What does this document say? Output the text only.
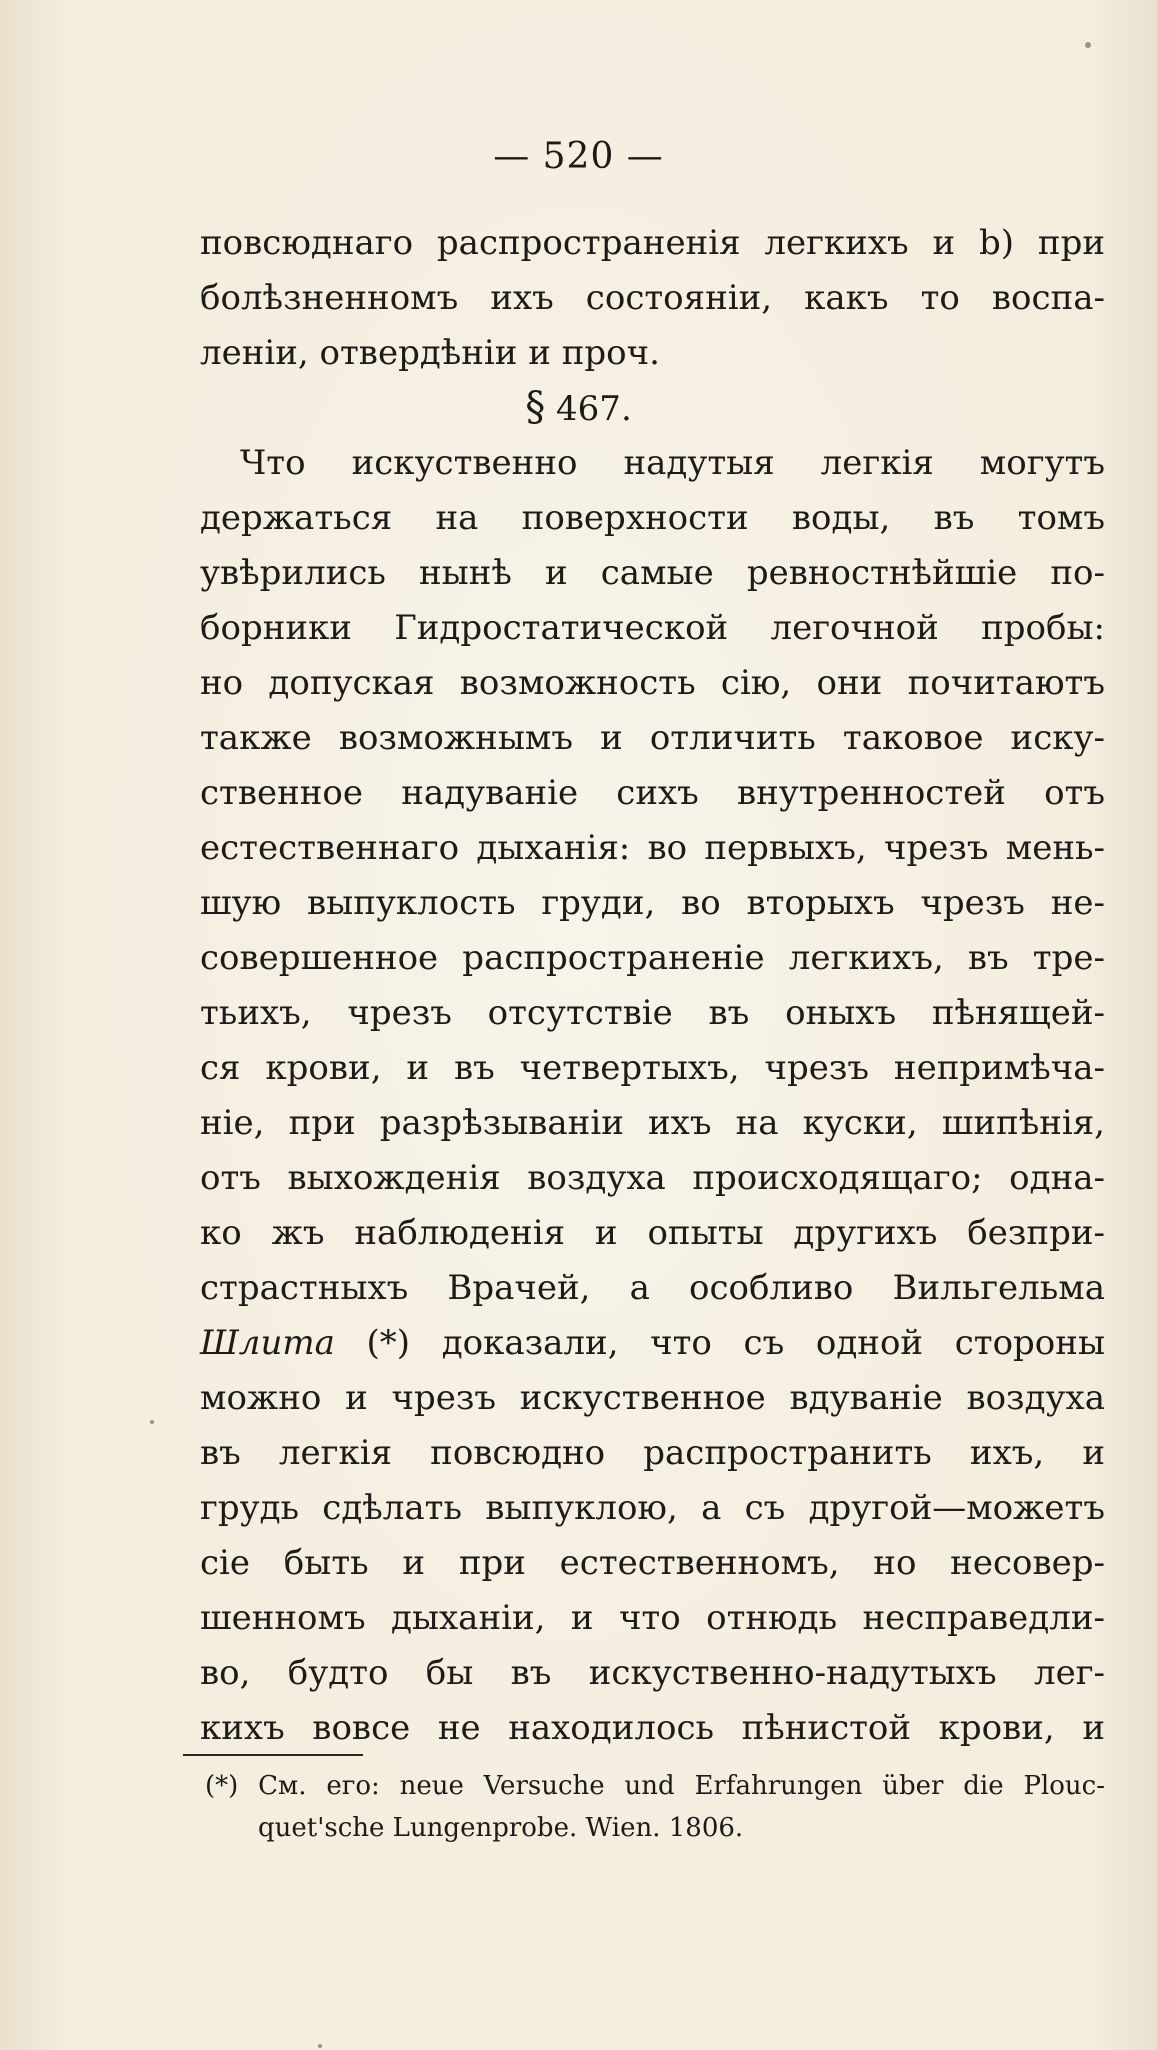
— 520 —
повсюднаго распространенія легкихъ и b) при
болѣзненномъ ихъ состояніи, какъ то воспа-
леніи, отвердѣніи и проч.
§ 467.
Что искуственно надутыя легкія могутъ
держаться на поверхности воды, въ томъ
увѣрились нынѣ и самые ревностнѣйшіе по-
борники Гидростатической легочной пробы:
но допуская возможность сію, они почитаютъ
также возможнымъ и отличить таковое иску-
ственное надуваніе сихъ внутренностей отъ
естественнаго дыханія: во первыхъ, чрезъ мень-
шую выпуклость груди, во вторыхъ чрезъ не-
совершенное распространеніе легкихъ, въ тре-
тьихъ, чрезъ отсутствіе въ оныхъ пѣнящей-
ся крови, и въ четвертыхъ, чрезъ непримѣча-
ніе, при разрѣзываніи ихъ на куски, шипѣнія,
отъ выхожденія воздуха происходящаго; одна-
ко жъ наблюденія и опыты другихъ безпри-
страстныхъ Врачей, а особливо Вильгельма
Шлита (*) доказали, что съ одной стороны
можно и чрезъ искуственное вдуваніе воздуха
въ легкія повсюдно распространить ихъ, и
грудь сдѣлать выпуклою, а съ другой—можетъ
сіе быть и при естественномъ, но несовер-
шенномъ дыханіи, и что отнюдь несправедли-
во, будто бы въ искуственно-надутыхъ лег-
кихъ вовсе не находилось пѣнистой крови, и
(*) См. его: neue Versuche und Erfahrungen über die Plouc-
quet'sche Lungenprobe. Wien. 1806.
